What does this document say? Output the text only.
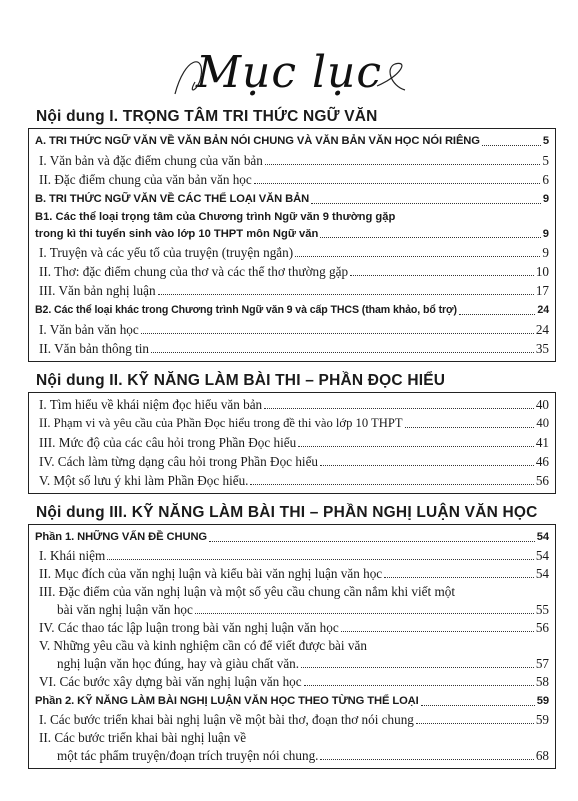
Mục lục
Nội dung I. TRỌNG TÂM TRI THỨC NGỮ VĂN
A. TRI THỨC NGỮ VĂN VỀ VĂN BẢN NÓI CHUNG VÀ VĂN BẢN VĂN HỌC NÓI RIÊNG	5
I. Văn bản và đặc điểm chung của văn bản	5
II. Đặc điểm chung của văn bản văn học	6
B. TRI THỨC NGỮ VĂN VỀ CÁC THỂ LOẠI VĂN BẢN	9
B1. Các thể loại trọng tâm của Chương trình Ngữ văn 9 thường gặp
trong kì thi tuyển sinh vào lớp 10 THPT môn Ngữ văn	9
I. Truyện và các yếu tố của truyện (truyện ngắn)	9
II. Thơ: đặc điểm chung của thơ và các thể thơ thường gặp	10
III. Văn bản nghị luận	17
B2. Các thể loại khác trong Chương trình Ngữ văn 9 và cấp THCS (tham khảo, bổ trợ)	24
I. Văn bản văn học	24
II. Văn bản thông tin	35
Nội dung II. KỸ NĂNG LÀM BÀI THI – PHẦN ĐỌC HIỂU
I. Tìm hiểu về khái niệm đọc hiểu văn bản	40
II. Phạm vi và yêu cầu của Phần Đọc hiểu trong đề thi vào lớp 10 THPT	40
III. Mức độ của các câu hỏi trong Phần Đọc hiểu	41
IV. Cách làm từng dạng câu hỏi trong Phần Đọc hiểu	46
V. Một số lưu ý khi làm Phần Đọc hiểu.	56
Nội dung III. KỸ NĂNG LÀM BÀI THI – PHẦN NGHỊ LUẬN VĂN HỌC
Phần 1. NHỮNG VẤN ĐỀ CHUNG	54
I. Khái niệm	54
II. Mục đích của văn nghị luận và kiểu bài văn nghị luận văn học	54
III. Đặc điểm của văn nghị luận và một số yêu cầu chung cần nắm khi viết một
bài văn nghị luận văn học	55
IV. Các thao tác lập luận trong bài văn nghị luận văn học	56
V. Những yêu cầu và kinh nghiệm cần có để viết được bài văn
nghị luận văn học đúng, hay và giàu chất văn.	57
VI. Các bước xây dựng bài văn nghị luận văn học	58
Phần 2. KỸ NĂNG LÀM BÀI NGHỊ LUẬN VĂN HỌC THEO TỪNG THỂ LOẠI	59
I. Các bước triển khai bài nghị luận về một bài thơ, đoạn thơ nói chung	59
II. Các bước triển khai bài nghị luận về
một tác phẩm truyện/đoạn trích truyện nói chung.	68
